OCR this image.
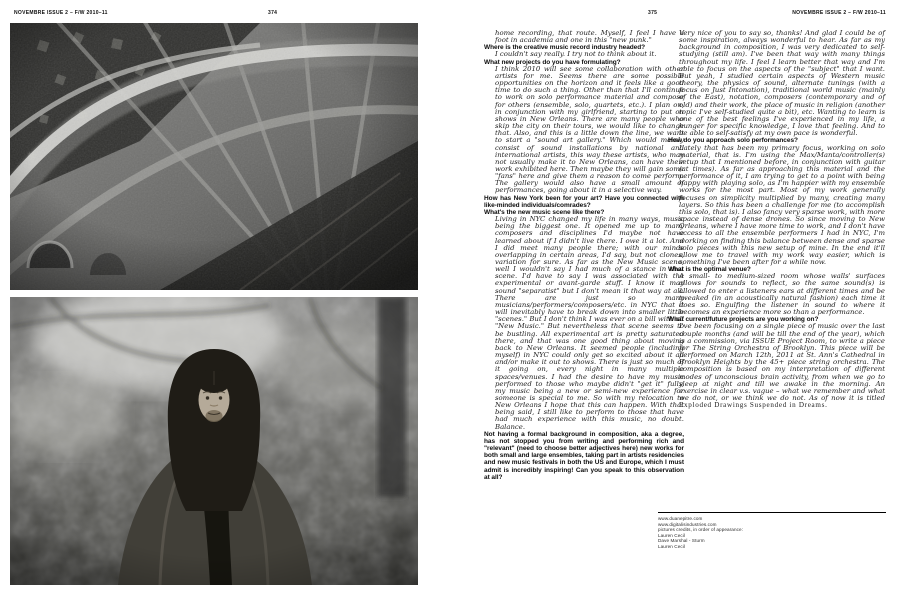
NOVEMBRE ISSUE 2 – F/W 2010–11	374	375	NOVEMBRE ISSUE 2 – F/W 2010–11
home recording, that route. Myself, I feel I have a foot in academia and one in this "new punk."
Where is the creative music record industry headed?
I couldn't say really. I try not to think about it.
What new projects do you have formulating?
I think 2010 will see some collaboration with other artists for me. Seems there are some possible opportunities on the horizon and it feels like a good time to do such a thing. Other than that I'll continue to work on solo performance material and compose for others (ensemble, solo, quartets, etc.). I plan on, in conjunction with my girlfriend, starting to put on shows in New Orleans. There are many people who skip the city on their tours, we would like to change that. Also, and this is a little down the line, we want to start a "sound art gallery." Which would mainly consist of sound installations by national and international artists, this way these artists, who may not usually make it to New Orleans, can have their work exhibited here. Then maybe they will gain some "fans" here and give them a reason to come perform. The gallery would also have a small amount of performances, going about it in a selective way.
How has New York been for your art? Have you connected with like-minded individuals/comrades?
What's the new music scene like there?
Living in NYC changed my life in many ways, music being the biggest one. It opened me up to many composers and disciplines I'd maybe not have learned about if I didn't live there. I owe it a lot. And I did meet many people there; with our minds overlapping in certain areas, I'd say, but not clones, variation for sure. As far as the New Music scene, well I wouldn't say I had much of a stance in that scene. I'd have to say I was associated with the experimental or avant-garde stuff. I know it may sound "separatist" but I don't mean it that way at all. There are just so many musicians/performers/composers/etc. in NYC that it will inevitably have to break down into smaller little "scenes." But I don't think I was ever on a bill with all "New Music." But nevertheless that scene seems to be bustling. All experimental art is pretty saturated there, and that was one good thing about moving back to New Orleans. It seemed people (including myself) in NYC could only get so excited about it all and/or make it out to shows. There is just so much of it going on, every night in many multiple spaces/venues. I had the desire to have my music performed to those who maybe didn't "get it" fully, my music being a new or semi-new experience for someone is special to me. So with my relocation to New Orleans I hope that this can happen. With that being said, I still like to perform to those that have had much experience with this music, no doubt. Balance.
Not having a formal background in composition, aka a degree, has not stopped you from writing and performing rich and "relevant" (need to choose better adjectives here) new works for both small and large ensembles, taking part in artists residencies and new music festivals in both the US and Europe, which I must admit is incredibly inspiring! Can you speak to this observation at all?
Very nice of you to say so, thanks! And glad I could be of some inspiration, always wonderful to hear. As far as my background in composition, I was very dedicated to self-studying (still am). I've been that way with many things throughout my life. I feel I learn better that way and I'm able to focus on the aspects of the "subject" that I want. But yeah, I studied certain aspects of Western music theory, the physics of sound, alternate tunings (with a focus on Just Intonation), traditional world music (mainly of the East), notation, composers (contemporary and of old) and their work, the place of music in religion (another topic I've self-studied quite a bit), etc. Wanting to learn is one of the best feelings I've experienced in my life, a hunger for specific knowledge, I love that feeling. And to be able to self-satisfy at my own pace is wonderful.
How do you approach solo performances?
Lately that has been my primary focus, working on solo material, that is. I'm using the Max/Manta/controller(s) setup that I mentioned before, in conjunction with guitar (at times). As far as approaching this material and the performance of it, I am trying to get to a point with being happy with playing solo, as I'm happier with my ensemble works for the most part. Most of my work generally focuses on simplicity multiplied by many, creating many layers. So this has been a challenge for me (to accomplish this solo, that is). I also fancy very sparse work, with more space instead of dense drones. So since moving to New Orleans, where I have more time to work, and I don't have access to all the ensemble performers I had in NYC, I'm working on finding this balance between dense and sparse solo pieces with this new setup of mine. In the end it'll allow me to travel with my work way easier, which is something I've been after for a while now.
What is the optimal venue?
A small- to medium-sized room whose walls' surfaces allows for sounds to reflect, so the same sound(s) is allowed to enter a listeners ears at different times and be tweaked (in an acoustically natural fashion) each time it does so. Engulfing the listener in sound to where it becomes an experience more so than a performance.
What current/future projects are you working on?
I've been focusing on a single piece of music over the last couple months (and will be till the end of the year), which is a commission, via ISSUE Project Room, to write a piece for The String Orchestra of Brooklyn. This piece will be performed on March 12th, 2011 at St. Ann's Cathedral in Brooklyn Heights by the 45+ piece string orchestra. The composition is based on my interpretation of different modes of unconscious brain activity, from when we go to sleep at night and till we awake in the morning. An exercise in clear v.s. vague – what we remember and what we do not, or we think we do not. As of now it is titled Exploded Drawings Suspended in Dreams.
www.duanepitre.com
www.digitalisindustries.com
pictures credits, in order of appearance:
Lauren Cecil
Dave Marshal - Sturm
Lauren Cecil
